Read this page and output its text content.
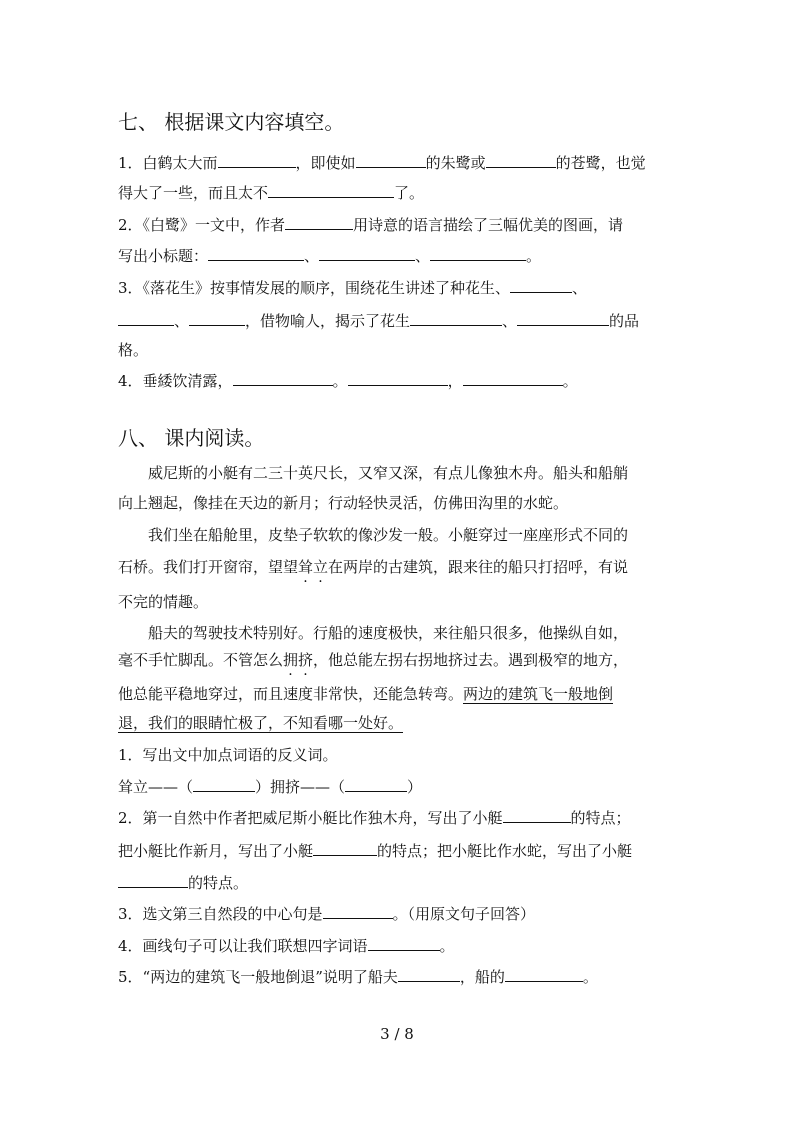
七、 根据课文内容填空。
1．白鹤太大而	，即使如	的朱鹭或	的苍鹭，也觉
得大了一些，而且太不	了。
2．《白鹭》一文中，作者	用诗意的语言描绘了三幅优美的图画，请
写出小标题：	、	、	。
3．《落花生》按事情发展的顺序，围绕花生讲述了种花生、	、
、	，借物喻人，揭示了花生	、	的品
格。
4．垂緌饮清露，	。	，	。
八、 课内阅读。
威尼斯的小艇有二三十英尺长，又窄又深，有点儿像独木舟。船头和船艄
向上翘起，像挂在天边的新月；行动轻快灵活，仿佛田沟里的水蛇。
我们坐在船舱里，皮垫子软软的像沙发一般。小艇穿过一座座形式不同的
石桥。我们打开窗帘，望望耸立在两岸的古建筑，跟来往的船只打招呼，有说
不完的情趣。
船夫的驾驶技术特别好。行船的速度极快，来往船只很多，他操纵自如，
毫不手忙脚乱。不管怎么拥挤，他总能左拐右拐地挤过去。遇到极窄的地方，
他总能平稳地穿过，而且速度非常快，还能急转弯。两边的建筑飞一般地倒
退，我们的眼睛忙极了，不知看哪一处好。
1．写出文中加点词语的反义词。
耸立——（	）拥挤——（	）
2．第一自然中作者把威尼斯小艇比作独木舟，写出了小艇	的特点；
把小艇比作新月，写出了小艇	的特点；把小艇比作水蛇，写出了小艇
的特点。
3．选文第三自然段的中心句是	。（用原文句子回答）
4．画线句子可以让我们联想四字词语	。
5．“两边的建筑飞一般地倒退”说明了船夫	，船的	。
3 / 8
